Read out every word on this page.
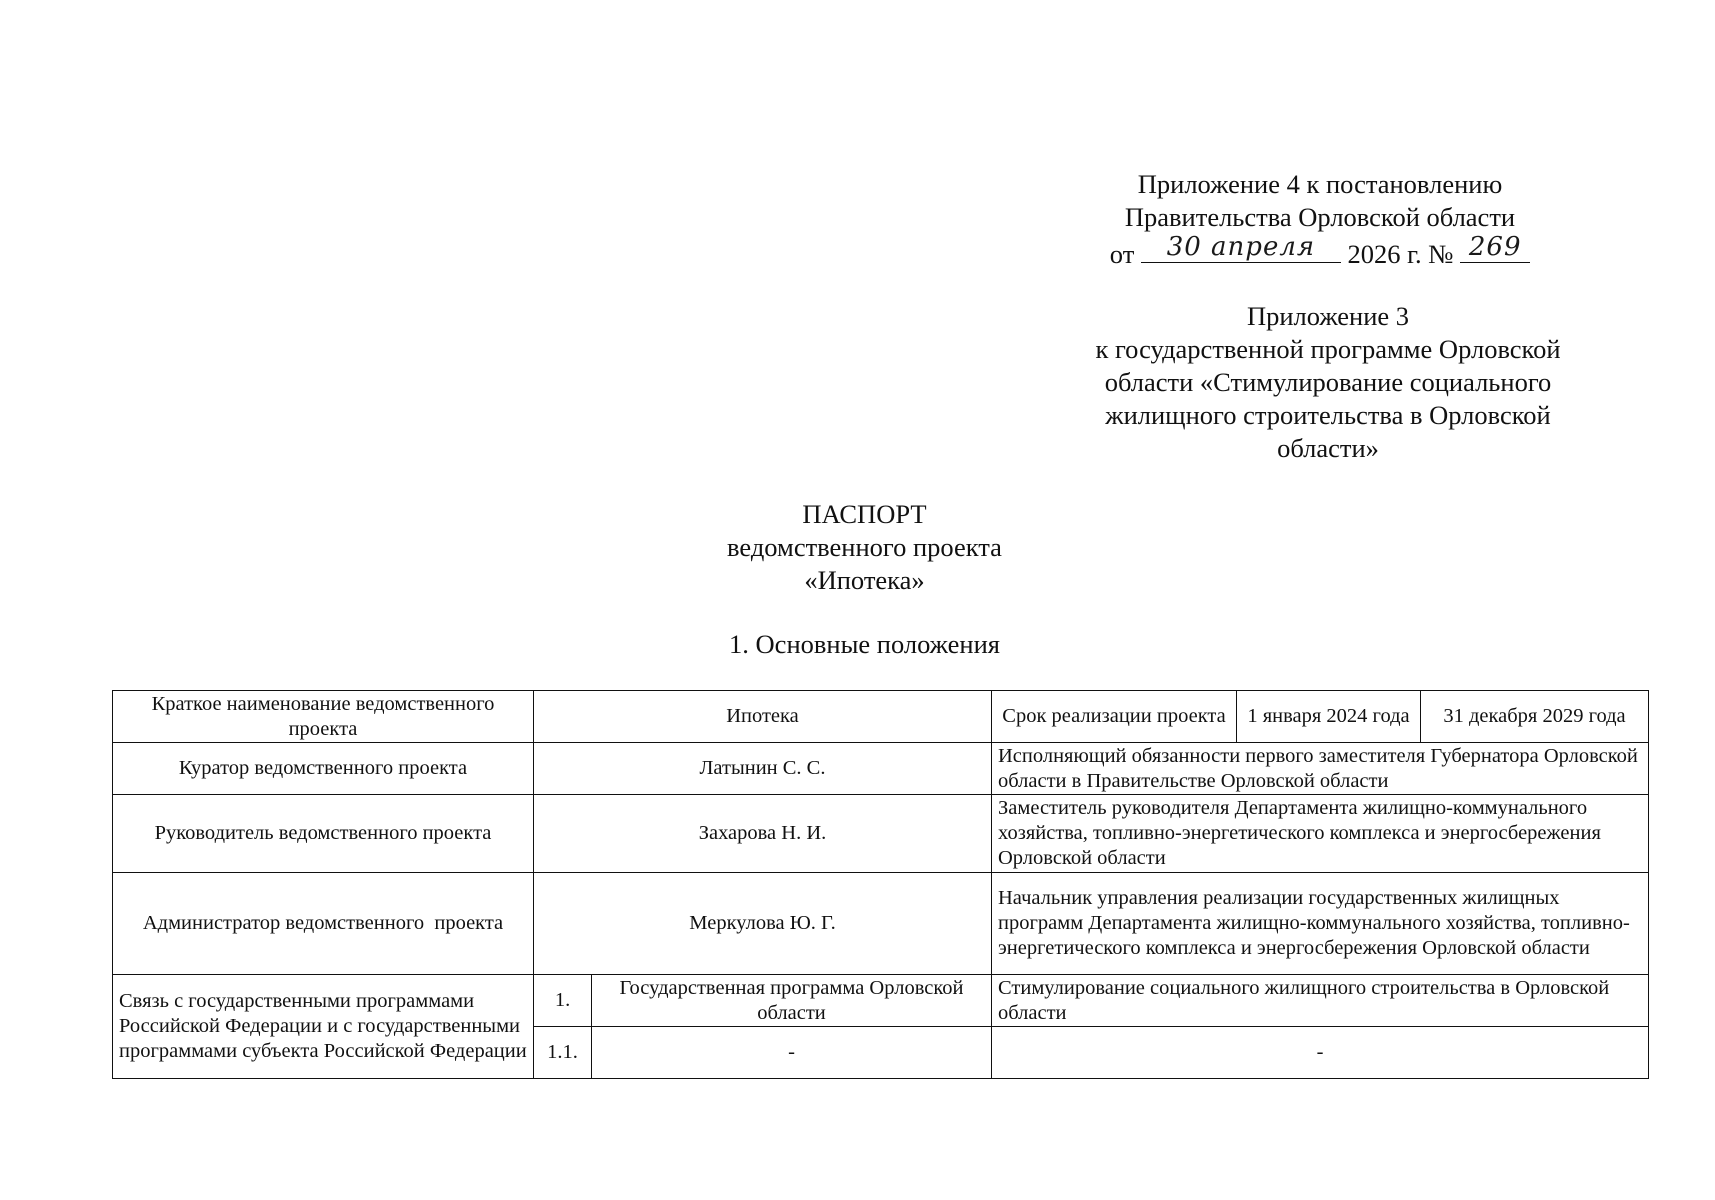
Приложение 4 к постановлению
Правительства Орловской области
от	30 апреля	2026 г. № 269
Приложение 3
к государственной программе Орловской
области «Стимулирование социального
жилищного строительства в Орловской
области»
ПАСПОРТ
ведомственного проекта
«Ипотека»
1. Основные положения
Краткое наименование ведомственного проекта	Ипотека		Срок реализации проекта	1 января 2024 года	31 декабря 2029 года
Куратор ведомственного проекта	Латынин С. С.		Исполняющий обязанности первого заместителя Губернатора Орловской области в Правительстве Орловской области		
Руководитель ведомственного проекта	Захарова Н. И.		Заместитель руководителя Департамента жилищно-коммунального хозяйства, топливно-энергетического комплекса и энергосбережения Орловской области		
Администратор ведомственного  проекта	Меркулова Ю. Г.		Начальник управления реализации государственных жилищных программ Департамента жилищно-коммунального хозяйства, топливно-энергетического комплекса и энергосбережения Орловской области		
Связь с государственными программами Российской Федерации и с государственными программами субъекта Российской Федерации	1.	Государственная программа Орловской области	Стимулирование социального жилищного строительства в Орловской области		
	1.1.	-	-		
